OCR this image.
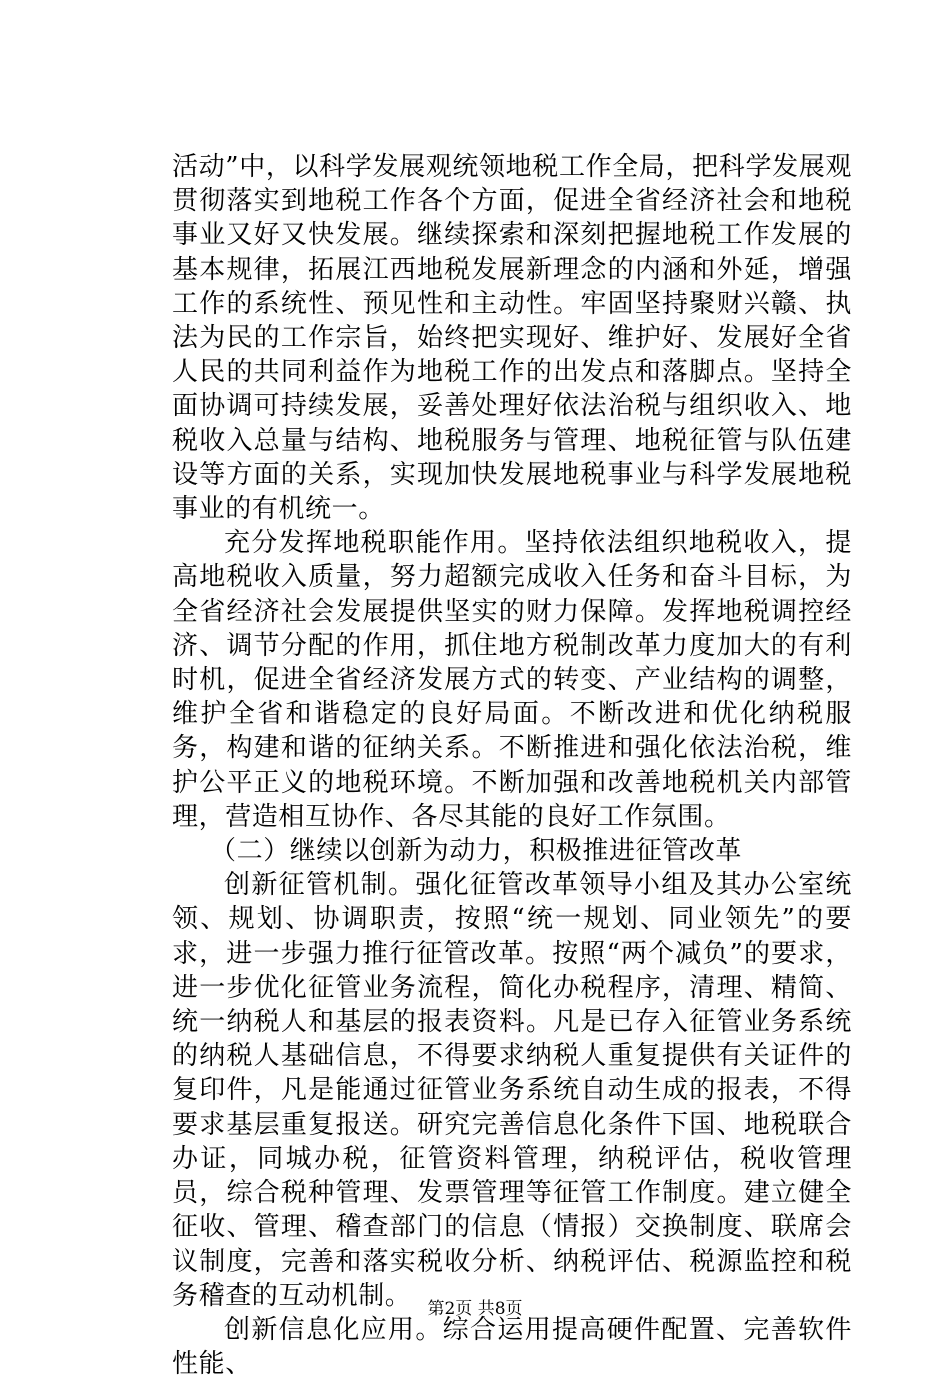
活动”中，以科学发展观统领地税工作全局，把科学发展观贯彻落实到地税工作各个方面，促进全省经济社会和地税事业又好又快发展。继续探索和深刻把握地税工作发展的基本规律，拓展江西地税发展新理念的内涵和外延，增强工作的系统性、预见性和主动性。牢固坚持聚财兴赣、执法为民的工作宗旨，始终把实现好、维护好、发展好全省人民的共同利益作为地税工作的出发点和落脚点。坚持全面协调可持续发展，妥善处理好依法治税与组织收入、地税收入总量与结构、地税服务与管理、地税征管与队伍建设等方面的关系，实现加快发展地税事业与科学发展地税事业的有机统一。

充分发挥地税职能作用。坚持依法组织地税收入，提高地税收入质量，努力超额完成收入任务和奋斗目标，为全省经济社会发展提供坚实的财力保障。发挥地税调控经济、调节分配的作用，抓住地方税制改革力度加大的有利时机，促进全省经济发展方式的转变、产业结构的调整，维护全省和谐稳定的良好局面。不断改进和优化纳税服务，构建和谐的征纳关系。不断推进和强化依法治税，维护公平正义的地税环境。不断加强和改善地税机关内部管理，营造相互协作、各尽其能的良好工作氛围。

（二）继续以创新为动力，积极推进征管改革

创新征管机制。强化征管改革领导小组及其办公室统领、规划、协调职责，按照“统一规划、同业领先”的要求，进一步强力推行征管改革。按照“两个减负”的要求，进一步优化征管业务流程，简化办税程序，清理、精简、统一纳税人和基层的报表资料。凡是已存入征管业务系统的纳税人基础信息，不得要求纳税人重复提供有关证件的复印件，凡是能通过征管业务系统自动生成的报表，不得要求基层重复报送。研究完善信息化条件下国、地税联合办证，同城办税，征管资料管理，纳税评估，税收管理员，综合税种管理、发票管理等征管工作制度。建立健全征收、管理、稽查部门的信息（情报）交换制度、联席会议制度，完善和落实税收分析、纳税评估、税源监控和税务稽查的互动机制。

创新信息化应用。综合运用提高硬件配置、完善软件性能、

第2页 共8页
